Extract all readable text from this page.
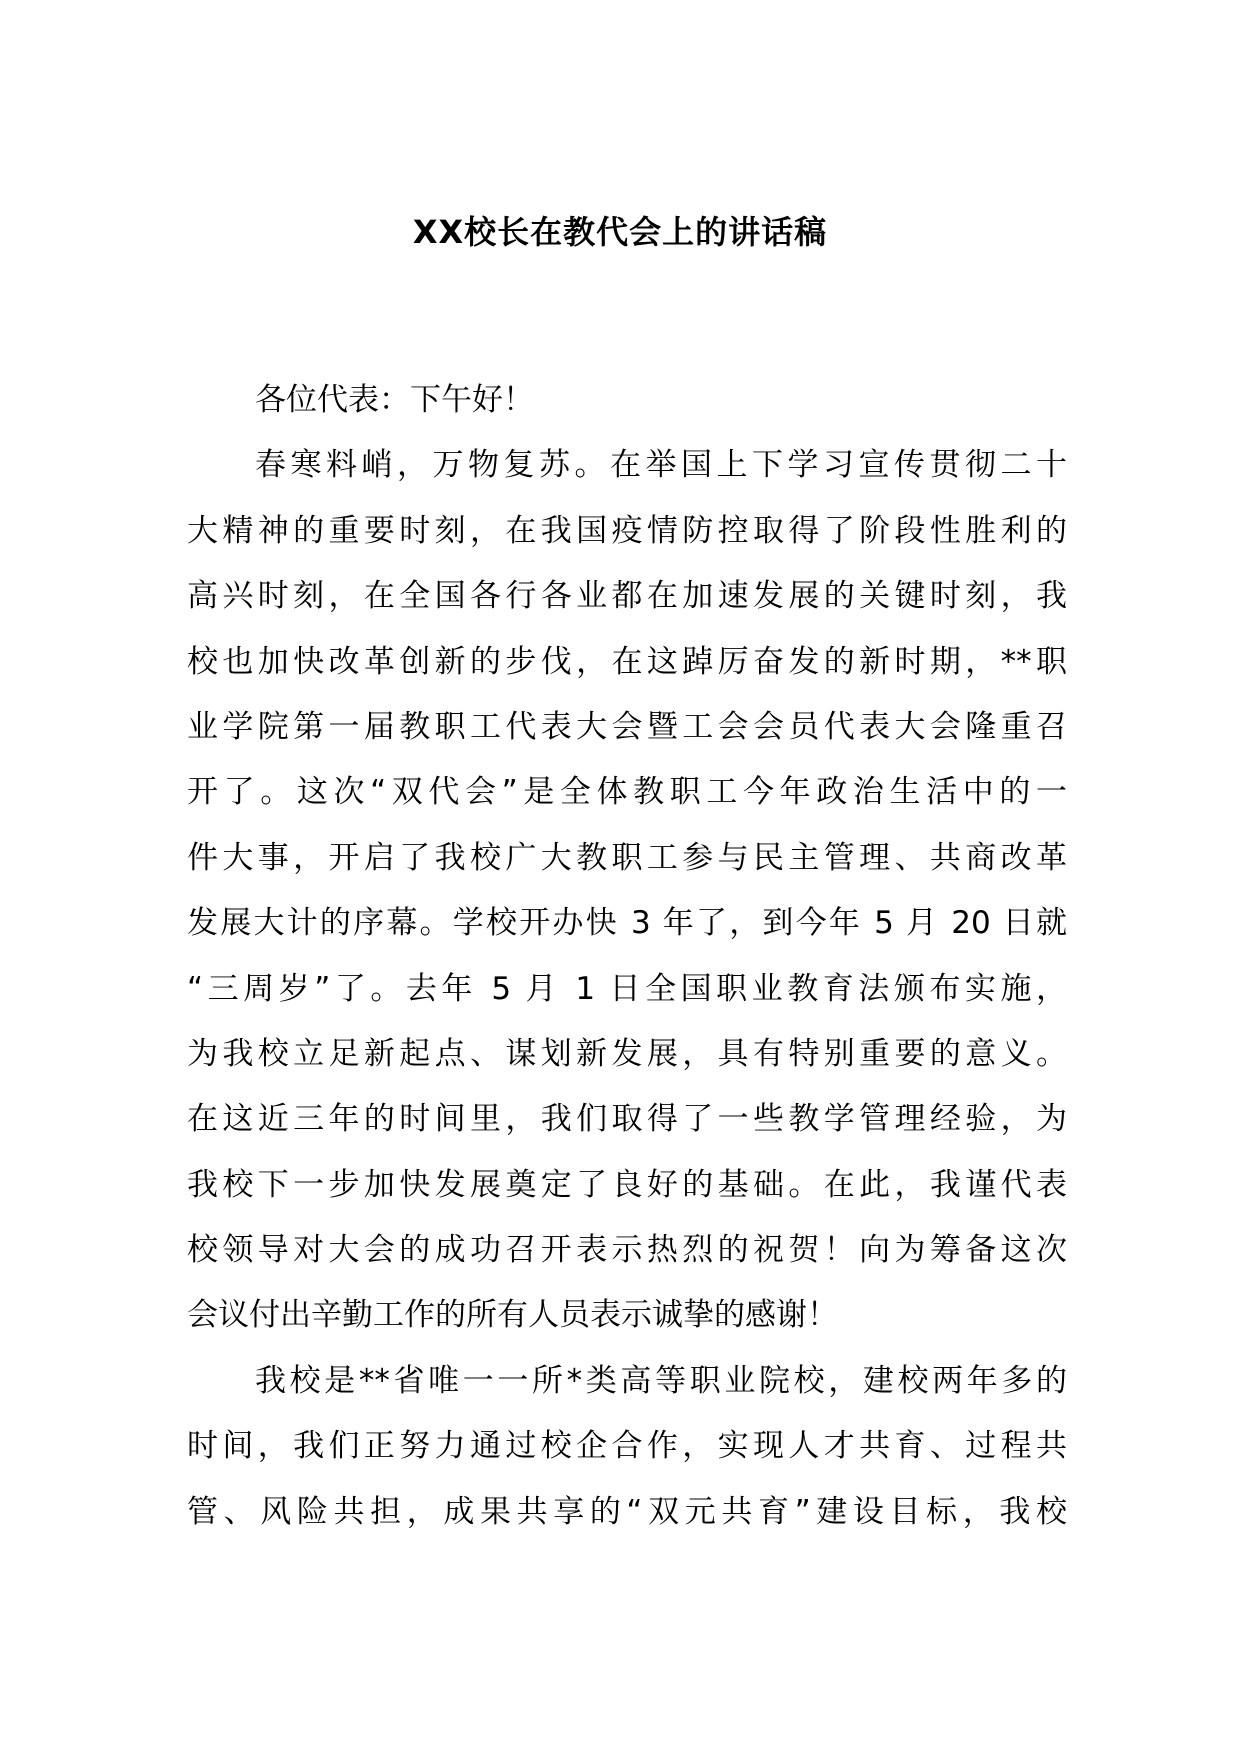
XX校长在教代会上的讲话稿
各位代表：下午好！
春寒料峭，万物复苏。在举国上下学习宣传贯彻二十
大精神的重要时刻，在我国疫情防控取得了阶段性胜利的
高兴时刻，在全国各行各业都在加速发展的关键时刻，我
校也加快改革创新的步伐，在这踔厉奋发的新时期，**职
业学院第一届教职工代表大会暨工会会员代表大会隆重召
开了。这次“双代会”是全体教职工今年政治生活中的一
件大事，开启了我校广大教职工参与民主管理、共商改革
发展大计的序幕。学校开办快 3 年了，到今年 5 月 20 日就
“三周岁”了。去年 5 月 1 日全国职业教育法颁布实施，
为我校立足新起点、谋划新发展，具有特别重要的意义。
在这近三年的时间里，我们取得了一些教学管理经验，为
我校下一步加快发展奠定了良好的基础。在此，我谨代表
校领导对大会的成功召开表示热烈的祝贺！向为筹备这次
会议付出辛勤工作的所有人员表示诚挚的感谢！
我校是**省唯一一所*类高等职业院校，建校两年多的
时间，我们正努力通过校企合作，实现人才共育、过程共
管、风险共担，成果共享的“双元共育”建设目标，我校
